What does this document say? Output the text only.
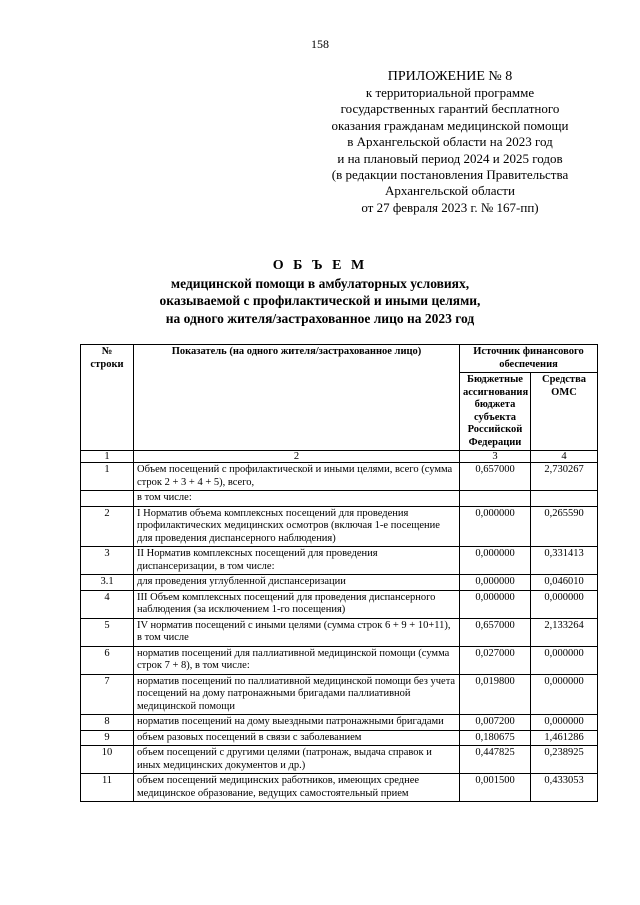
158
ПРИЛОЖЕНИЕ № 8
к территориальной программе
государственных гарантий бесплатного
оказания гражданам медицинской помощи
в Архангельской области на 2023 год
и на плановый период 2024 и 2025 годов
(в редакции постановления Правительства
Архангельской области
от 27 февраля 2023 г. № 167-пп)
О Б Ъ Е М
медицинской помощи в амбулаторных условиях,
оказываемой с профилактической и иными целями,
на одного жителя/застрахованное лицо на 2023 год
№ строки	Показатель (на одного жителя/застрахованное лицо)	Источник финансового обеспечения	
		Бюджетные ассигнования бюджета субъекта Российской Федерации	Средства ОМС
1	2	3	4
1	Объем посещений с профилактической и иными целями, всего (сумма строк 2 + 3 + 4 + 5), всего,	0,657000	2,730267
	в том числе:		
2	I Норматив объема комплексных посещений для проведения профилактических медицинских осмотров (включая 1-е посещение для проведения диспансерного наблюдения)	0,000000	0,265590
3	II Норматив комплексных посещений для проведения диспансеризации, в том числе:	0,000000	0,331413
3.1	для проведения углубленной диспансеризации	0,000000	0,046010
4	III Объем комплексных посещений для проведения диспансерного наблюдения (за исключением 1-го посещения)	0,000000	0,000000
5	IV норматив посещений с иными целями (сумма строк 6 + 9 + 10+11), в том числе	0,657000	2,133264
6	норматив посещений для паллиативной медицинской помощи (сумма строк 7 + 8), в том числе:	0,027000	0,000000
7	норматив посещений по паллиативной медицинской помощи без учета посещений на дому патронажными бригадами паллиативной медицинской помощи	0,019800	0,000000
8	норматив посещений на дому выездными патронажными бригадами	0,007200	0,000000
9	объем разовых посещений в связи с заболеванием	0,180675	1,461286
10	объем посещений с другими целями (патронаж, выдача справок и иных медицинских документов и др.)	0,447825	0,238925
11	объем посещений медицинских работников, имеющих среднее медицинское образование, ведущих самостоятельный прием	0,001500	0,433053
